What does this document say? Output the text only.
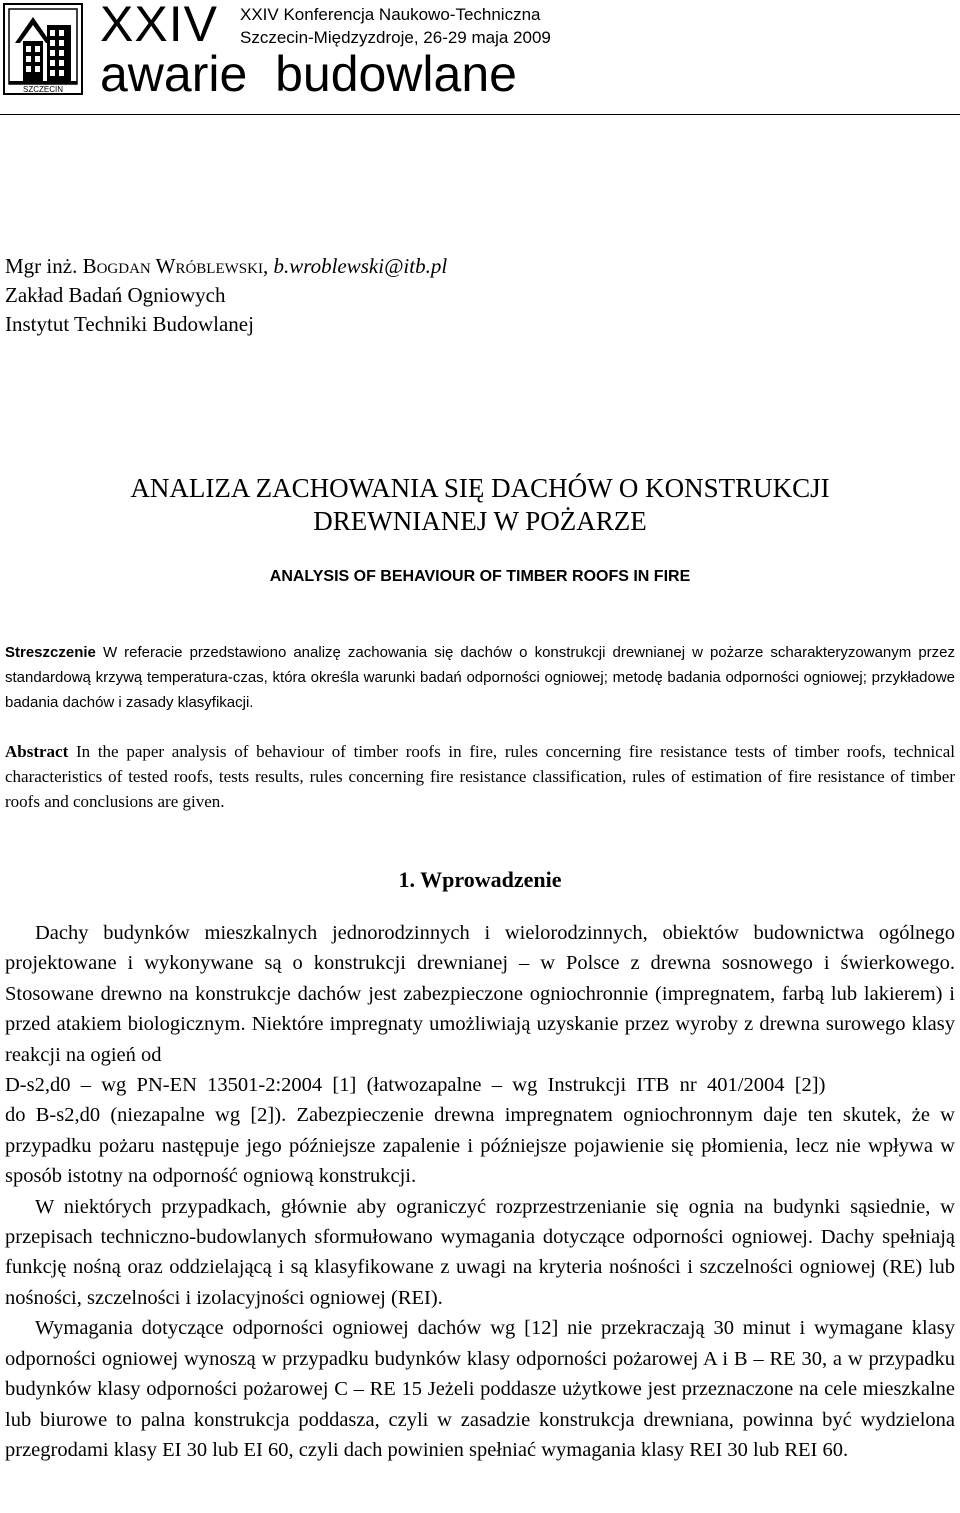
SZCZECIN
XXIV XXIV Konferencja Naukowo-Techniczna
Szczecin-Międzyzdroje, 26-29 maja 2009
awarie  budowlane
Mgr inż. Bogdan Wróblewski, b.wroblewski@itb.pl
Zakład Badań Ogniowych
Instytut Techniki Budowlanej
ANALIZA ZACHOWANIA SIĘ DACHÓW O KONSTRUKCJI DREWNIANEJ W POŻARZE
ANALYSIS OF BEHAVIOUR OF TIMBER ROOFS IN FIRE
Streszczenie W referacie przedstawiono analizę zachowania się dachów o konstrukcji drewnianej w pożarze scharakteryzowanym przez standardową krzywą temperatura-czas, która określa warunki badań odporności ogniowej; metodę badania odporności ogniowej; przykładowe badania dachów i zasady klasyfikacji.
Abstract In the paper analysis of behaviour of timber roofs in fire, rules concerning fire resistance tests of timber roofs, technical characteristics of tested roofs, tests results, rules concerning fire resistance classification, rules of estimation of fire resistance of timber roofs and conclusions are given.
1. Wprowadzenie

Dachy budynków mieszkalnych jednorodzinnych i wielorodzinnych, obiektów budownictwa ogólnego projektowane i wykonywane są o konstrukcji drewnianej – w Polsce z drewna sosnowego i świerkowego. Stosowane drewno na konstrukcje dachów jest zabezpieczone ogniochronnie (impregnatem, farbą lub lakierem) i przed atakiem biologicznym. Niektóre impregnaty umożliwiają uzyskanie przez wyroby z drewna surowego klasy reakcji na ogień od
D-s2,d0  –  wg  PN-EN  13501-2:2004  [1]  (łatwozapalne  –  wg  Instrukcji  ITB  nr  401/2004  [2])
do B-s2,d0 (niezapalne wg [2]). Zabezpieczenie drewna impregnatem ogniochronnym daje ten skutek, że w przypadku pożaru następuje jego późniejsze zapalenie i późniejsze pojawienie się płomienia, lecz nie wpływa w sposób istotny na odporność ogniową konstrukcji.

W niektórych przypadkach, głównie aby ograniczyć rozprzestrzenianie się ognia na budynki sąsiednie, w przepisach techniczno-budowlanych sformułowano wymagania dotyczące odporności ogniowej. Dachy spełniają funkcję nośną oraz oddzielającą i są klasyfikowane z uwagi na kryteria nośności i szczelności ogniowej (RE) lub nośności, szczelności i izolacyjności ogniowej (REI).

Wymagania dotyczące odporności ogniowej dachów wg [12] nie przekraczają 30 minut i wymagane klasy odporności ogniowej wynoszą w przypadku budynków klasy odporności pożarowej A i B – RE 30, a w przypadku budynków klasy odporności pożarowej C – RE 15 Jeżeli poddasze użytkowe jest przeznaczone na cele mieszkalne lub biurowe to palna konstrukcja poddasza, czyli w zasadzie konstrukcja drewniana, powinna być wydzielona przegrodami klasy EI 30 lub EI 60, czyli dach powinien spełniać wymagania klasy REI 30 lub REI 60.
